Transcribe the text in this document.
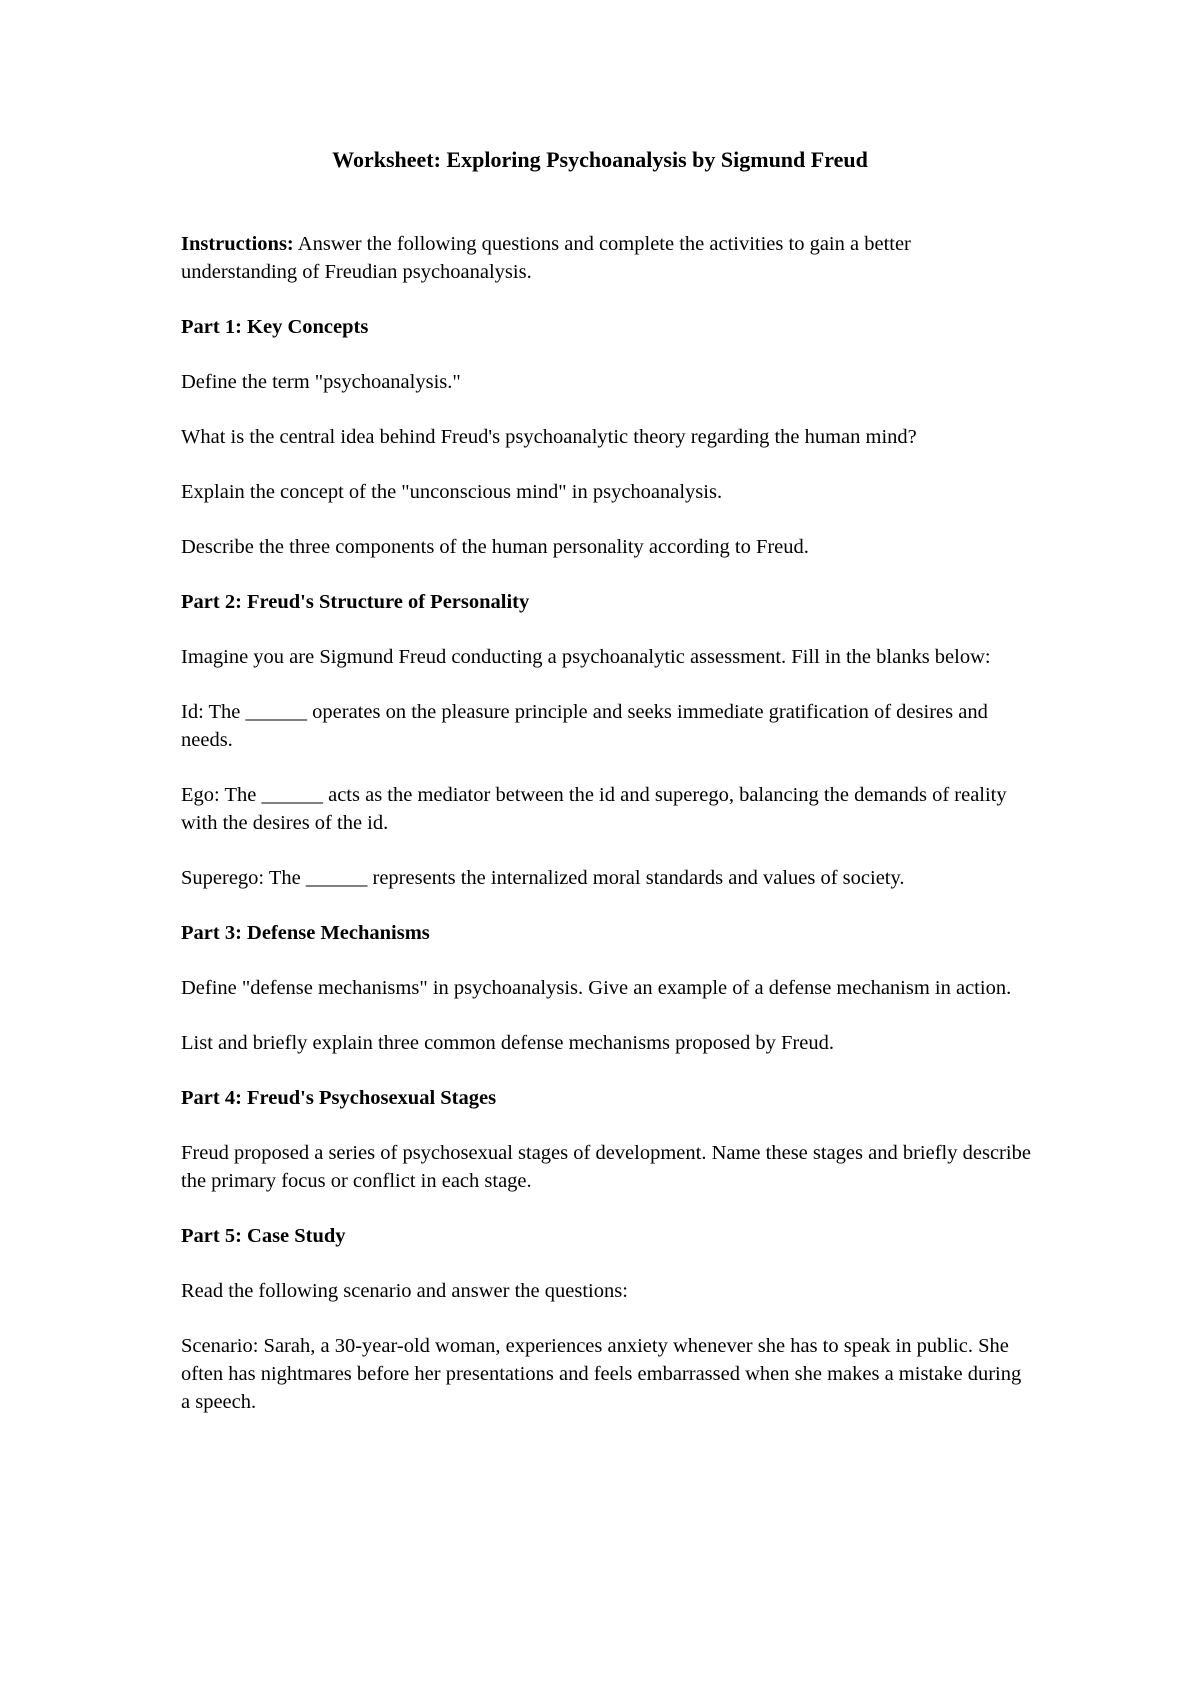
Worksheet: Exploring Psychoanalysis by Sigmund Freud

Instructions: Answer the following questions and complete the activities to gain a better understanding of Freudian psychoanalysis.

Part 1: Key Concepts

Define the term "psychoanalysis."

What is the central idea behind Freud's psychoanalytic theory regarding the human mind?

Explain the concept of the "unconscious mind" in psychoanalysis.

Describe the three components of the human personality according to Freud.

Part 2: Freud's Structure of Personality

Imagine you are Sigmund Freud conducting a psychoanalytic assessment. Fill in the blanks below:

Id: The ______ operates on the pleasure principle and seeks immediate gratification of desires and needs.

Ego: The ______ acts as the mediator between the id and superego, balancing the demands of reality with the desires of the id.

Superego: The ______ represents the internalized moral standards and values of society.

Part 3: Defense Mechanisms

Define "defense mechanisms" in psychoanalysis. Give an example of a defense mechanism in action.

List and briefly explain three common defense mechanisms proposed by Freud.

Part 4: Freud's Psychosexual Stages

Freud proposed a series of psychosexual stages of development. Name these stages and briefly describe the primary focus or conflict in each stage.

Part 5: Case Study

Read the following scenario and answer the questions:

Scenario: Sarah, a 30-year-old woman, experiences anxiety whenever she has to speak in public. She often has nightmares before her presentations and feels embarrassed when she makes a mistake during a speech.
